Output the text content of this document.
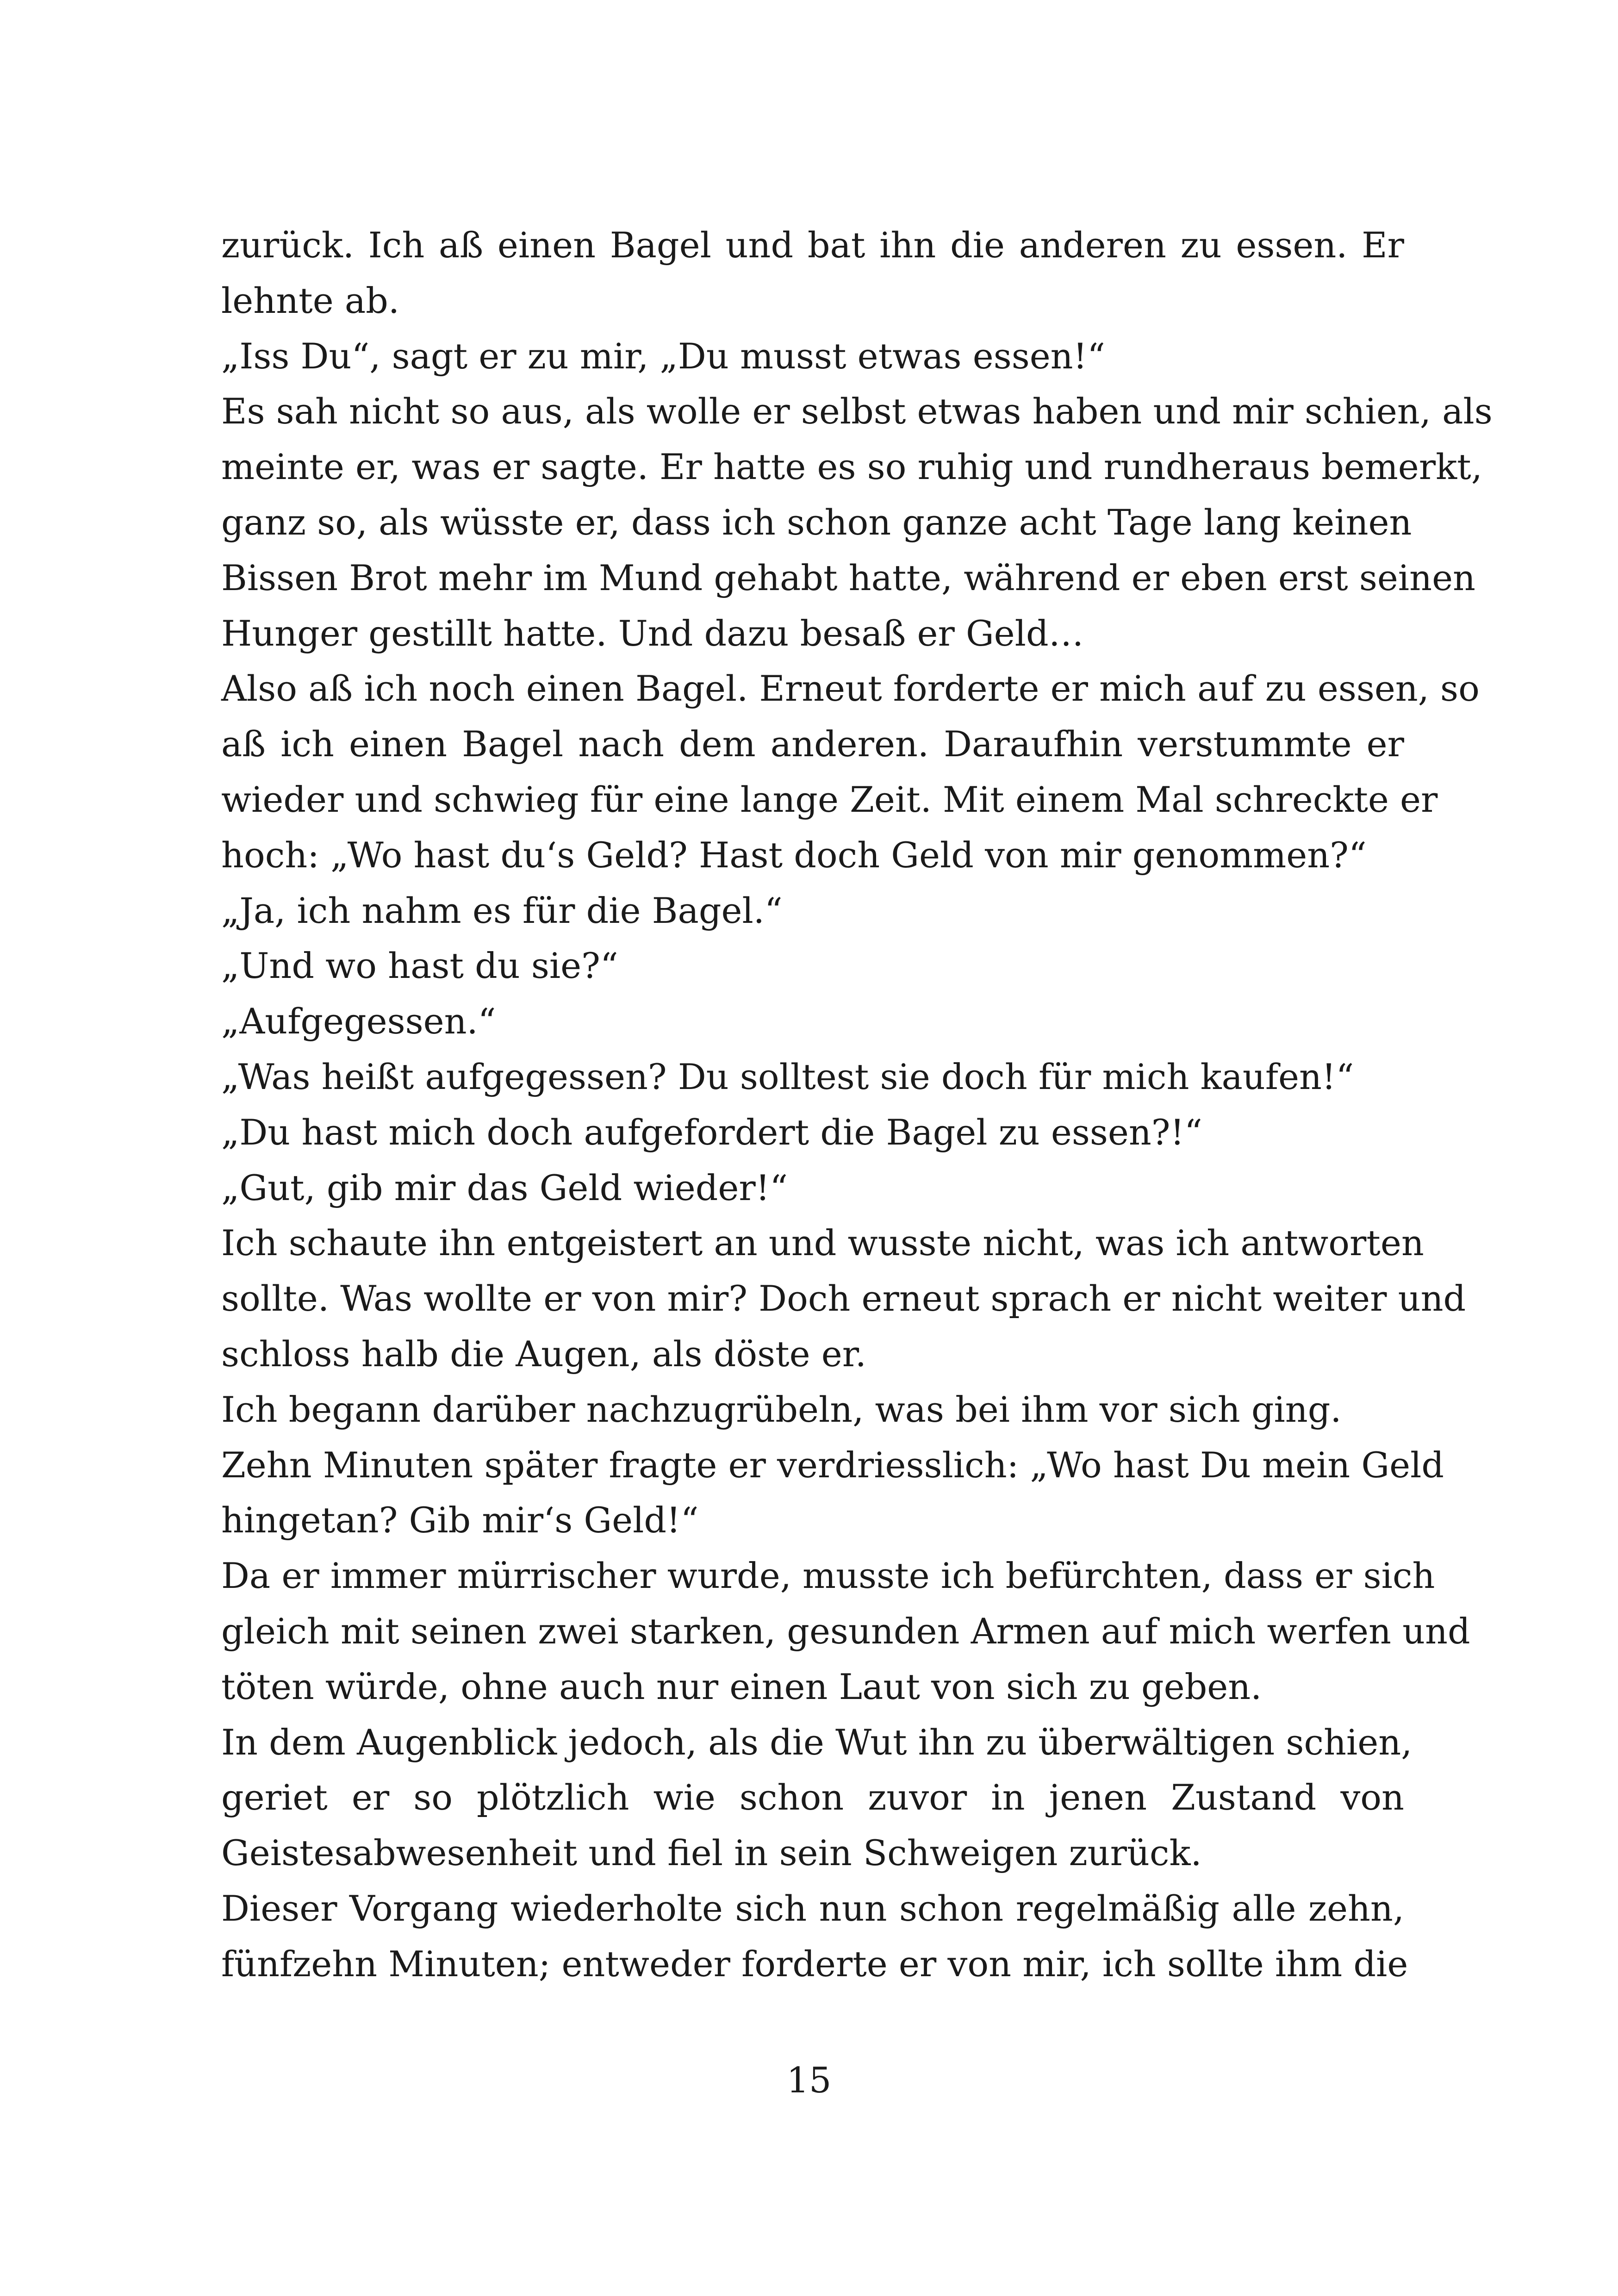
zurück. Ich aß einen Bagel und bat ihn die anderen zu essen. Er
lehnte ab.
„Iss Du“, sagt er zu mir, „Du musst etwas essen!“
Es sah nicht so aus, als wolle er selbst etwas haben und mir schien, als
meinte er, was er sagte. Er hatte es so ruhig und rundheraus bemerkt,
ganz so, als wüsste er, dass ich schon ganze acht Tage lang keinen
Bissen Brot mehr im Mund gehabt hatte, während er eben erst seinen
Hunger gestillt hatte. Und dazu besaß er Geld…
Also aß ich noch einen Bagel. Erneut forderte er mich auf zu essen, so
aß ich einen Bagel nach dem anderen. Daraufhin verstummte er
wieder und schwieg für eine lange Zeit. Mit einem Mal schreckte er
hoch: „Wo hast du‘s Geld? Hast doch Geld von mir genommen?“
„Ja, ich nahm es für die Bagel.“
„Und wo hast du sie?“
„Aufgegessen.“
„Was heißt aufgegessen? Du solltest sie doch für mich kaufen!“
„Du hast mich doch aufgefordert die Bagel zu essen?!“
„Gut, gib mir das Geld wieder!“
Ich schaute ihn entgeistert an und wusste nicht, was ich antworten
sollte. Was wollte er von mir? Doch erneut sprach er nicht weiter und
schloss halb die Augen, als döste er.
Ich begann darüber nachzugrübeln, was bei ihm vor sich ging.
Zehn Minuten später fragte er verdriesslich: „Wo hast Du mein Geld
hingetan? Gib mir‘s Geld!“
Da er immer mürrischer wurde, musste ich befürchten, dass er sich
gleich mit seinen zwei starken, gesunden Armen auf mich werfen und
töten würde, ohne auch nur einen Laut von sich zu geben.
In dem Augenblick jedoch, als die Wut ihn zu überwältigen schien,
geriet er so plötzlich wie schon zuvor in jenen Zustand von
Geistesabwesenheit und fiel in sein Schweigen zurück.
Dieser Vorgang wiederholte sich nun schon regelmäßig alle zehn,
fünfzehn Minuten; entweder forderte er von mir, ich sollte ihm die
15
